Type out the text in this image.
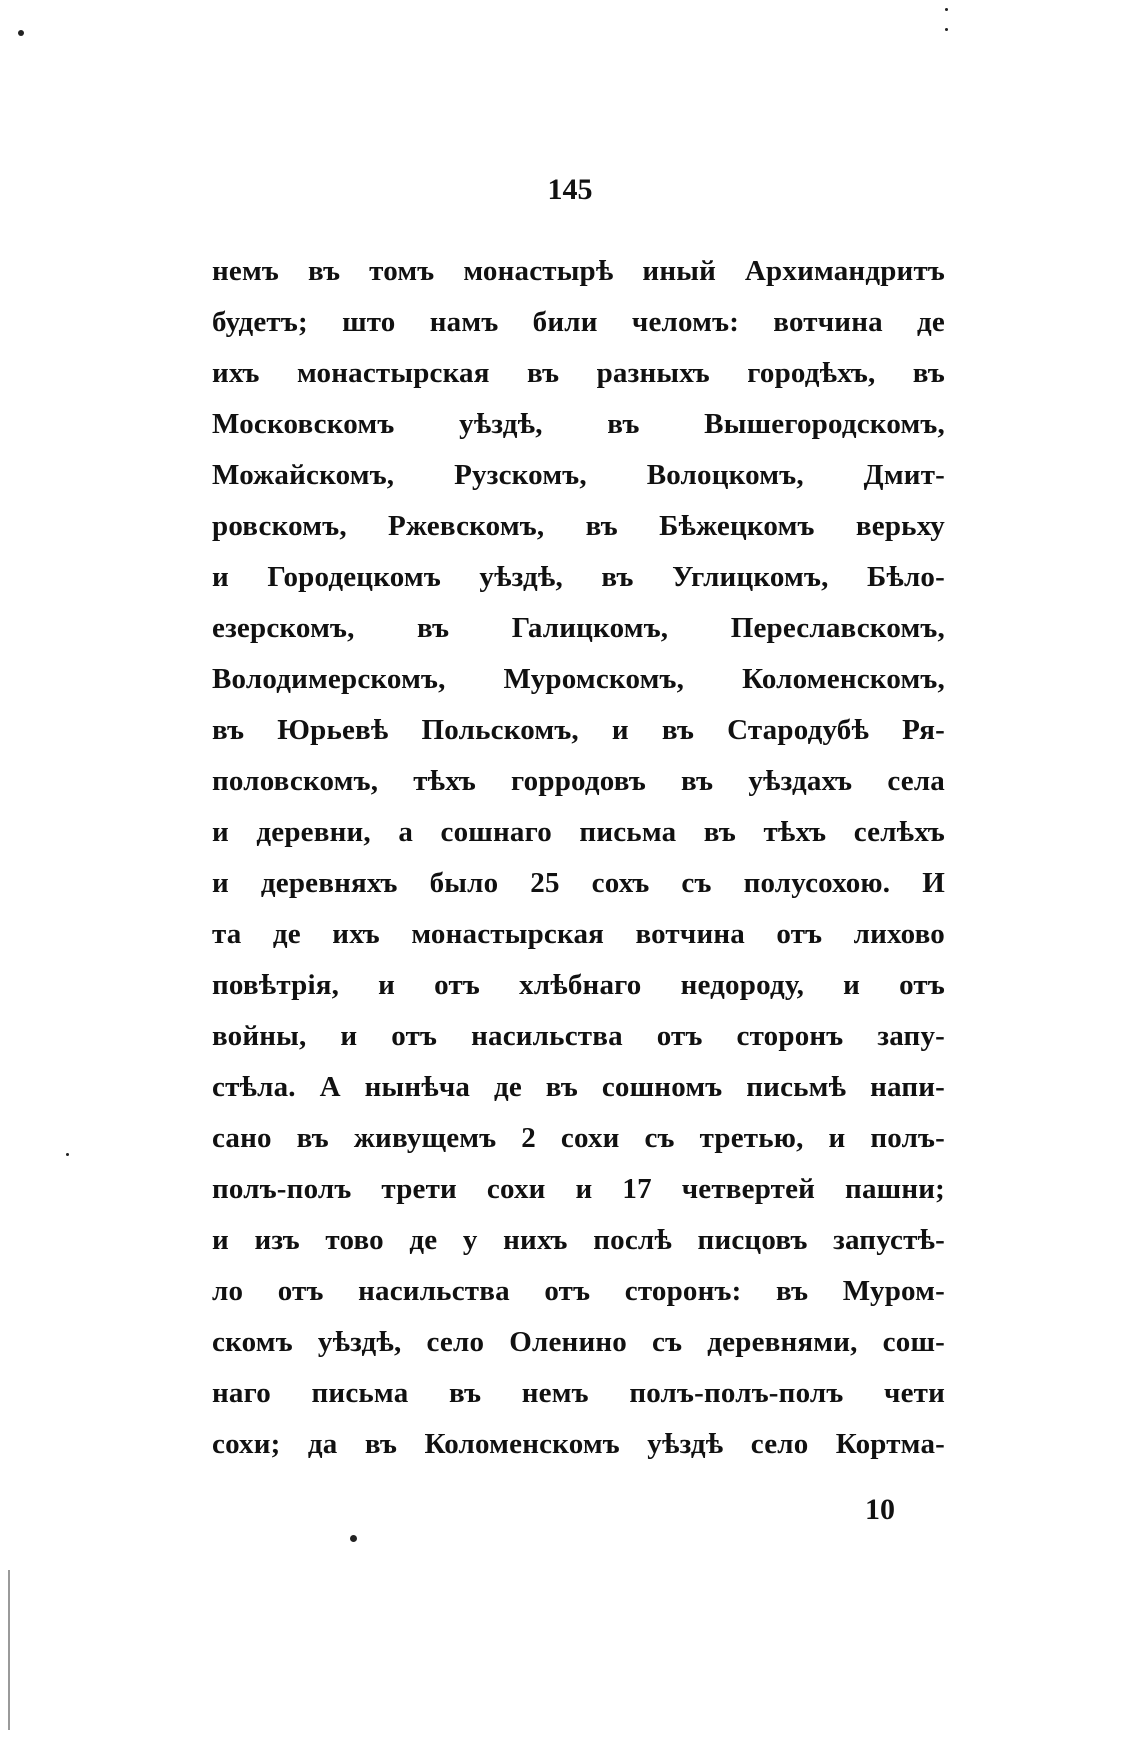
145
немъ въ томъ монастырѣ иный Архимандритъ
будетъ; што намъ били челомъ: вотчина де
ихъ монастырская въ разныхъ городѣхъ, въ
Московскомъ уѣздѣ, въ Вышегородскомъ,
Можайскомъ, Рузскомъ, Волоцкомъ, Дмит-
ровскомъ, Ржевскомъ, въ Бѣжецкомъ верьху
и Городецкомъ уѣздѣ, въ Углицкомъ, Бѣло-
езерскомъ, въ Галицкомъ, Переславскомъ,
Володимерскомъ, Муромскомъ, Коломенскомъ,
въ Юрьевѣ Польскомъ, и въ Стародубѣ Ря-
половскомъ, тѣхъ горродовъ въ уѣздахъ села
и деревни, а сошнаго письма въ тѣхъ селѣхъ
и деревняхъ было 25 сохъ съ полусохою. И
та де ихъ монастырская вотчина отъ лихово
повѣтрія, и отъ хлѣбнаго недороду, и отъ
войны, и отъ насильства отъ сторонъ запу-
стѣла. А нынѣча де въ сошномъ письмѣ напи-
сано въ живущемъ 2 сохи съ третью, и полъ-
полъ-полъ трети сохи и 17 четвертей пашни;
и изъ тово де у нихъ послѣ писцовъ запустѣ-
ло отъ насильства отъ сторонъ: въ Муром-
скомъ уѣздѣ, село Оленино съ деревнями, сош-
наго письма въ немъ полъ-полъ-полъ чети
сохи; да въ Коломенскомъ уѣздѣ село Кортма-
10
